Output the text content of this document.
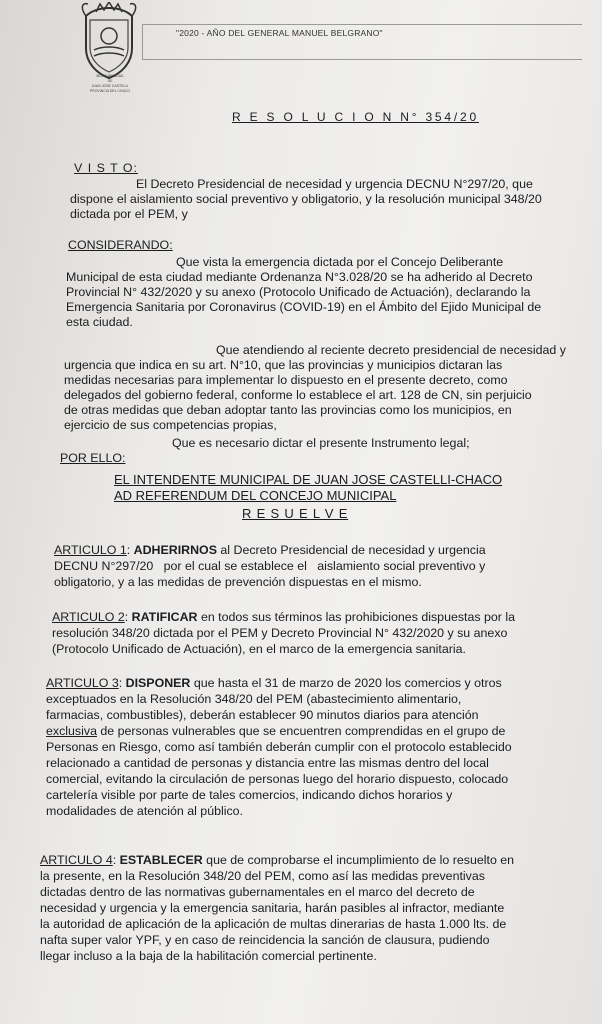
MUNICIPALIDAD
DE
JUAN JOSE CASTELLI
PROVINCIA DEL CHACO
"2020 - AÑO DEL GENERAL MANUEL BELGRANO"
R E S O L U C I O N N° 354/20
V I S T O:
El Decreto Presidencial de necesidad y urgencia DECNU N°297/20, que
dispone el aislamiento social preventivo y obligatorio, y la resolución municipal 348/20
dictada por el PEM, y
CONSIDERANDO:
Que vista la emergencia dictada por el Concejo Deliberante
Municipal de esta ciudad mediante Ordenanza N°3.028/20 se ha adherido al Decreto
Provincial N° 432/2020 y su anexo (Protocolo Unificado de Actuación), declarando la
Emergencia Sanitaria por Coronavirus (COVID-19) en el Ámbito del Ejido Municipal de
esta ciudad.
Que atendiendo al reciente decreto presidencial de necesidad y
urgencia que indica en su art. N°10, que las provincias y municipios dictaran las
medidas necesarias para implementar lo dispuesto en el presente decreto, como
delegados del gobierno federal, conforme lo establece el art. 128 de CN, sin perjuicio
de otras medidas que deban adoptar tanto las provincias como los municipios, en
ejercicio de sus competencias propias,
Que es necesario dictar el presente Instrumento legal;
POR ELLO:
EL INTENDENTE MUNICIPAL DE JUAN JOSE CASTELLI-CHACO
AD REFERENDUM DEL CONCEJO MUNICIPAL
R E S U E L V E
ARTICULO 1: ADHERIRNOS al Decreto Presidencial de necesidad y urgencia
DECNU N°297/20   por el cual se establece el   aislamiento social preventivo y
obligatorio, y a las medidas de prevención dispuestas en el mismo.
ARTICULO 2: RATIFICAR en todos sus términos las prohibiciones dispuestas por la
resolución 348/20 dictada por el PEM y Decreto Provincial N° 432/2020 y su anexo
(Protocolo Unificado de Actuación), en el marco de la emergencia sanitaria.
ARTICULO 3: DISPONER que hasta el 31 de marzo de 2020 los comercios y otros
exceptuados en la Resolución 348/20 del PEM (abastecimiento alimentario,
farmacias, combustibles), deberán establecer 90 minutos diarios para atención
exclusiva de personas vulnerables que se encuentren comprendidas en el grupo de
Personas en Riesgo, como así también deberán cumplir con el protocolo establecido
relacionado a cantidad de personas y distancia entre las mismas dentro del local
comercial, evitando la circulación de personas luego del horario dispuesto, colocado
cartelería visible por parte de tales comercios, indicando dichos horarios y
modalidades de atención al público.
ARTICULO 4: ESTABLECER que de comprobarse el incumplimiento de lo resuelto en
la presente, en la Resolución 348/20 del PEM, como así las medidas preventivas
dictadas dentro de las normativas gubernamentales en el marco del decreto de
necesidad y urgencia y la emergencia sanitaria, harán pasibles al infractor, mediante
la autoridad de aplicación de la aplicación de multas dinerarias de hasta 1.000 lts. de
nafta super valor YPF, y en caso de reincidencia la sanción de clausura, pudiendo
llegar incluso a la baja de la habilitación comercial pertinente.
